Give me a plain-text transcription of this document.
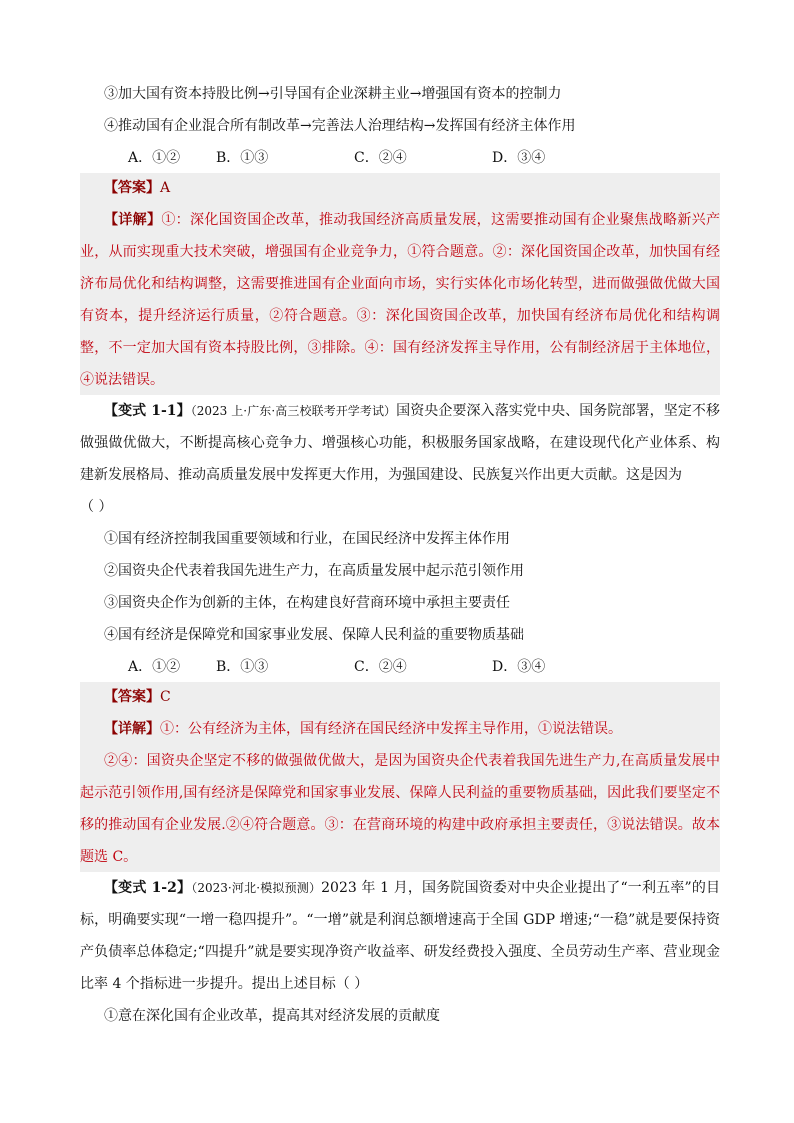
③加大国有资本持股比例→引导国有企业深耕主业→增强国有资本的控制力
④推动国有企业混合所有制改革→完善法人治理结构→发挥国有经济主体作用
A．①②	B．①③	C．②④	D．③④
【答案】A
【详解】①：深化国资国企改革，推动我国经济高质量发展，这需要推动国有企业聚焦战略新兴产业，从而实现重大技术突破，增强国有企业竞争力，①符合题意。②：深化国资国企改革，加快国有经济布局优化和结构调整，这需要推进国有企业面向市场，实行实体化市场化转型，进而做强做优做大国有资本，提升经济运行质量，②符合题意。③：深化国资国企改革，加快国有经济布局优化和结构调整，不一定加大国有资本持股比例，③排除。④：国有经济发挥主导作用，公有制经济居于主体地位，④说法错误。
【变式 1-1】（2023 上·广东·高三校联考开学考试）国资央企要深入落实党中央、国务院部署，坚定不移做强做优做大，不断提高核心竞争力、增强核心功能，积极服务国家战略，在建设现代化产业体系、构建新发展格局、推动高质量发展中发挥更大作用，为强国建设、民族复兴作出更大贡献。这是因为
（ ）
①国有经济控制我国重要领域和行业，在国民经济中发挥主体作用
②国资央企代表着我国先进生产力，在高质量发展中起示范引领作用
③国资央企作为创新的主体，在构建良好营商环境中承担主要责任
④国有经济是保障党和国家事业发展、保障人民利益的重要物质基础
A．①②	B．①③	C．②④	D．③④
【答案】C
【详解】①：公有经济为主体，国有经济在国民经济中发挥主导作用，①说法错误。
②④：国资央企坚定不移的做强做优做大，是因为国资央企代表着我国先进生产力,在高质量发展中起示范引领作用,国有经济是保障党和国家事业发展、保障人民利益的重要物质基础，因此我们要坚定不移的推动国有企业发展.②④符合题意。③：在营商环境的构建中政府承担主要责任，③说法错误。故本题选 C。
【变式 1-2】（2023·河北·模拟预测）2023 年 1 月，国务院国资委对中央企业提出了“一利五率”的目标，明确要实现“一增一稳四提升”。“一增”就是利润总额增速高于全国 GDP 增速;“一稳”就是要保持资产负债率总体稳定;“四提升”就是要实现净资产收益率、研发经费投入强度、全员劳动生产率、营业现金比率 4 个指标进一步提升。提出上述目标（ ）
①意在深化国有企业改革，提高其对经济发展的贡献度
